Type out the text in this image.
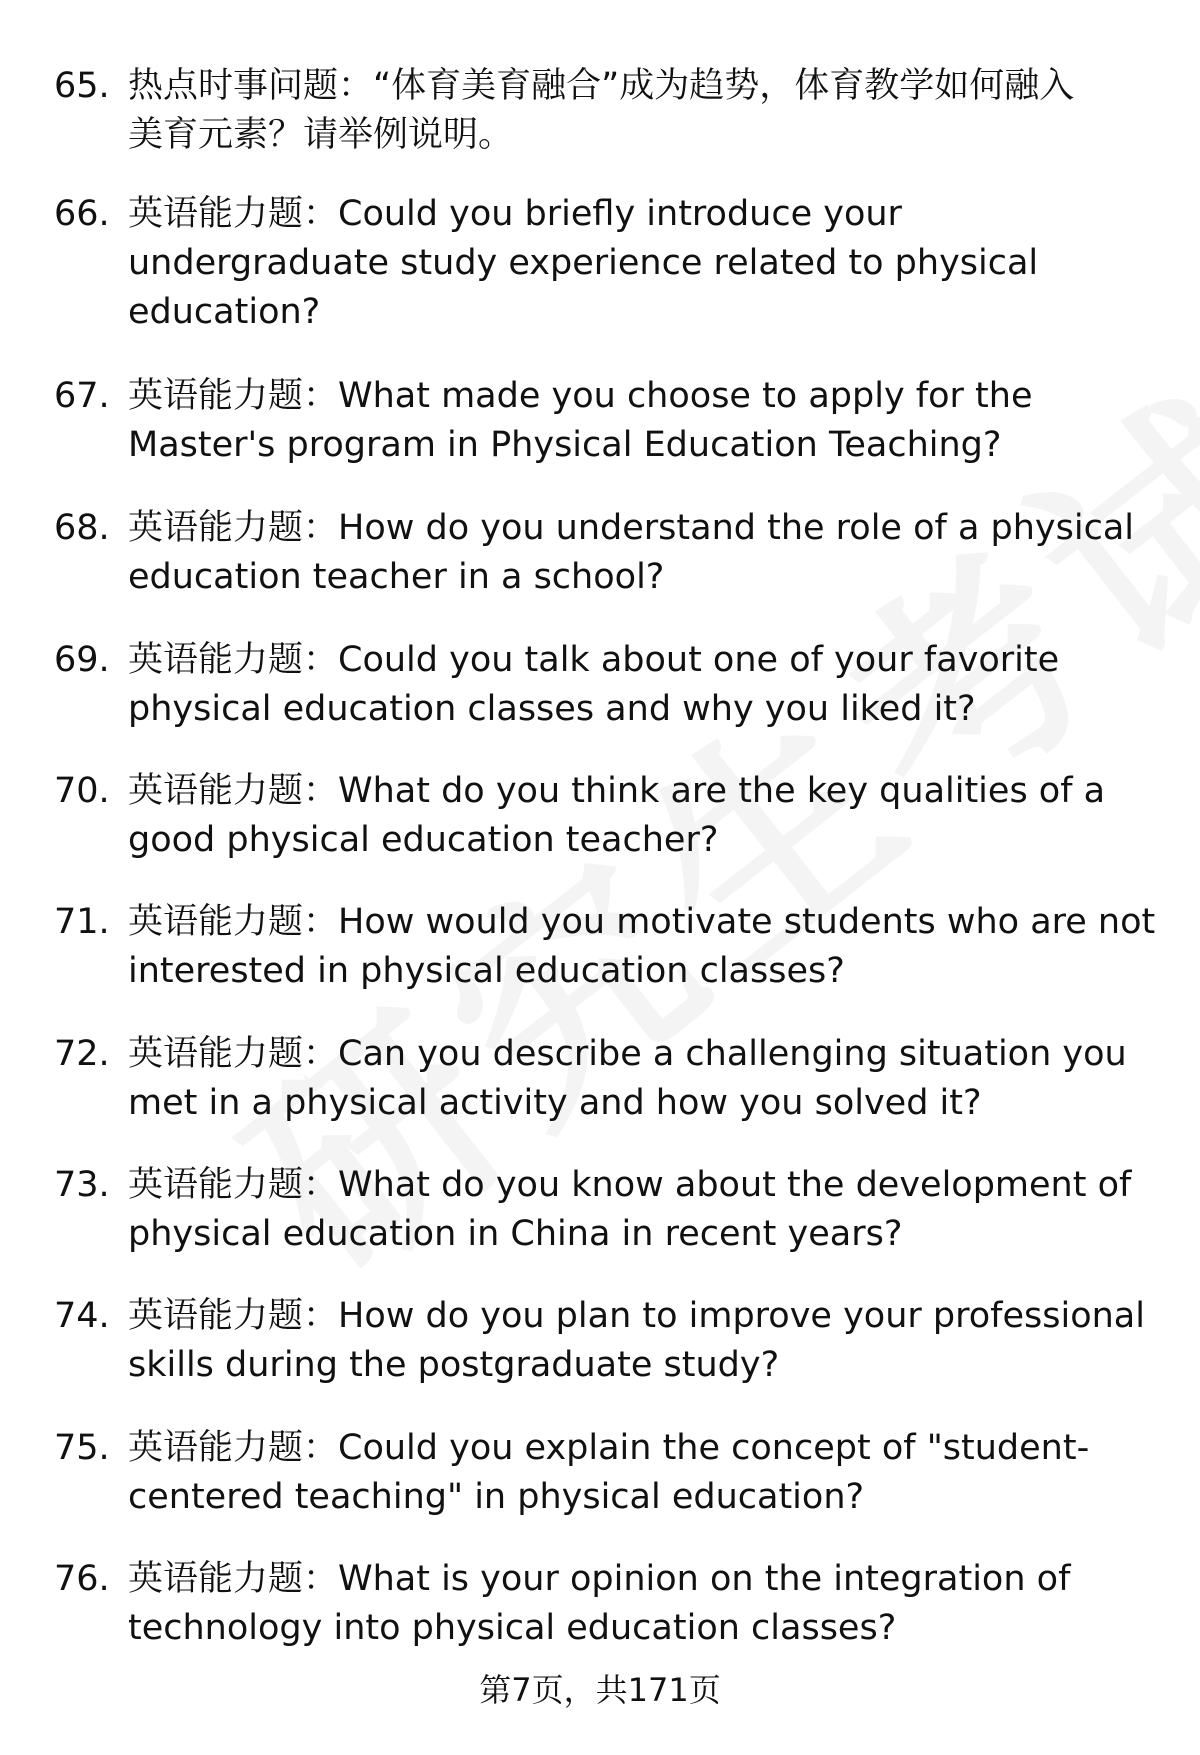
65. 热点时事问题：“体育美育融合”成为趋势，体育教学如何融入
美育元素？请举例说明。
66. 英语能力题：Could you briefly introduce your
undergraduate study experience related to physical
education?
67. 英语能力题：What made you choose to apply for the
Master's program in Physical Education Teaching?
68. 英语能力题：How do you understand the role of a physical
education teacher in a school?
69. 英语能力题：Could you talk about one of your favorite
physical education classes and why you liked it?
70. 英语能力题：What do you think are the key qualities of a
good physical education teacher?
71. 英语能力题：How would you motivate students who are not
interested in physical education classes?
72. 英语能力题：Can you describe a challenging situation you
met in a physical activity and how you solved it?
73. 英语能力题：What do you know about the development of
physical education in China in recent years?
74. 英语能力题：How do you plan to improve your professional
skills during the postgraduate study?
75. 英语能力题：Could you explain the concept of "student-
centered teaching" in physical education?
76. 英语能力题：What is your opinion on the integration of
technology into physical education classes?
第7页，共171页
